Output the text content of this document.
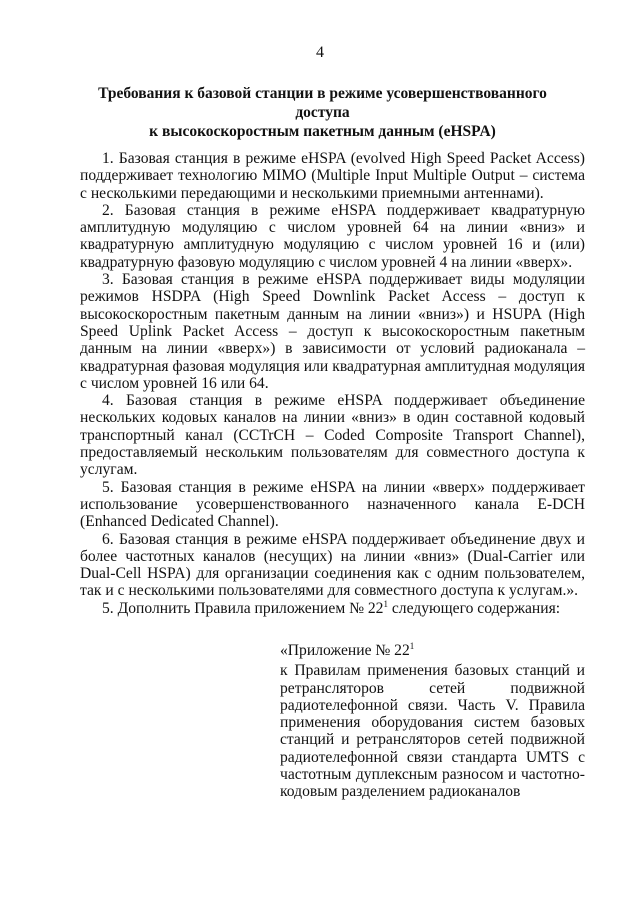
4
Требования к базовой станции в режиме усовершенствованного доступа
к высокоскоростным пакетным данным (eHSPA)

1. Базовая станция в режиме eHSPA (evolved High Speed Packet Access) поддерживает технологию MIMO (Multiple Input Multiple Output – система с несколькими передающими и несколькими приемными антеннами).

2. Базовая станция в режиме eHSPA поддерживает квадратурную амплитудную модуляцию с числом уровней 64 на линии «вниз» и квадратурную амплитудную модуляцию с числом уровней 16 и (или) квадратурную фазовую модуляцию с числом уровней 4 на линии «вверх».

3. Базовая станция в режиме eHSPA поддерживает виды модуляции режимов HSDPA (High Speed Downlink Packet Access – доступ к высокоскоростным пакетным данным на линии «вниз») и HSUPA (High Speed Uplink Packet Access – доступ к высокоскоростным пакетным данным на линии «вверх») в зависимости от условий радиоканала – квадратурная фазовая модуляция или квадратурная амплитудная модуляция с числом уровней 16 или 64.

4. Базовая станция в режиме eHSPA поддерживает объединение нескольких кодовых каналов на линии «вниз» в один составной кодовый транспортный канал (CCTrCH – Coded Composite Transport Channel), предоставляемый нескольким пользователям для совместного доступа к услугам.

5. Базовая станция в режиме eHSPA на линии «вверх» поддерживает использование усовершенствованного назначенного канала E-DCH (Enhanced Dedicated Channel).

6. Базовая станция в режиме eHSPA поддерживает объединение двух и более частотных каналов (несущих) на линии «вниз» (Dual-Carrier или Dual-Cell HSPA) для организации соединения как с одним пользователем, так и с несколькими пользователями для совместного доступа к услугам.».

5. Дополнить Правила приложением № $22^1$ следующего содержания:

«Приложение № $22^1$

к Правилам применения базовых станций и ретрансляторов сетей подвижной радиотелефонной связи. Часть V. Правила применения оборудования систем базовых станций и ретрансляторов сетей подвижной радиотелефонной связи стандарта UMTS с частотным дуплексным разносом и частотно-кодовым разделением радиоканалов
